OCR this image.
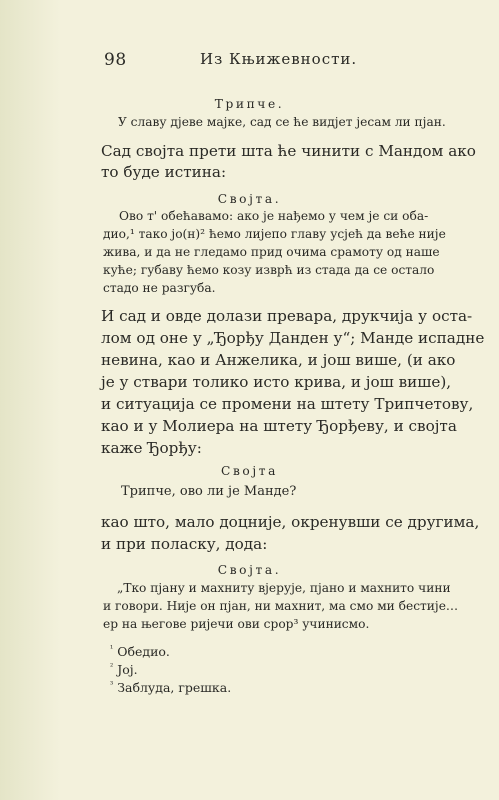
98	Из Књижевности.
Трипче.
У славу дјеве мајке, сад се ће видјет јесам ли пјан.
Сад својта прети шта ће чинити с Мандом ако
то буде истина:
Својта.
Ово т' обећавамо: ако је нађемо у чем је си оба-
дио,¹ тако јо(н)² ћемо лијепо главу усјећ да веће није
жива, и да не гледамо прид очима срамоту од наше
куће; губаву ћемо козу изврћ из стада да се остало
стадо не разгуба.
И сад и овде долази превара, друкчија у оста-
лом од оне у „Ђорђу Данден у“; Манде испадне
невина, као и Анжелика, и још више, (и ако
је у ствари толико исто крива, и још више),
и ситуација се промени на штету Трипчетову,
као и у Молиера на штету Ђорђеву, и својта
каже Ђорђу:
Својта
Трипче, ово ли је Манде?
као што, мало доцније, окренувши се другима,
и при поласку, дода:
Својта.
„Тко пјану и махниту вјерује, пјано и махнито чини
и говори. Није он пјан, ни махнит, ма смо ми бестије…
ер на његове ријечи ови срор³ учинисмо.
$^{^1}$ Обедио.
$^{^2}$ Јој.
$^{^3}$ Заблуда, грешка.
